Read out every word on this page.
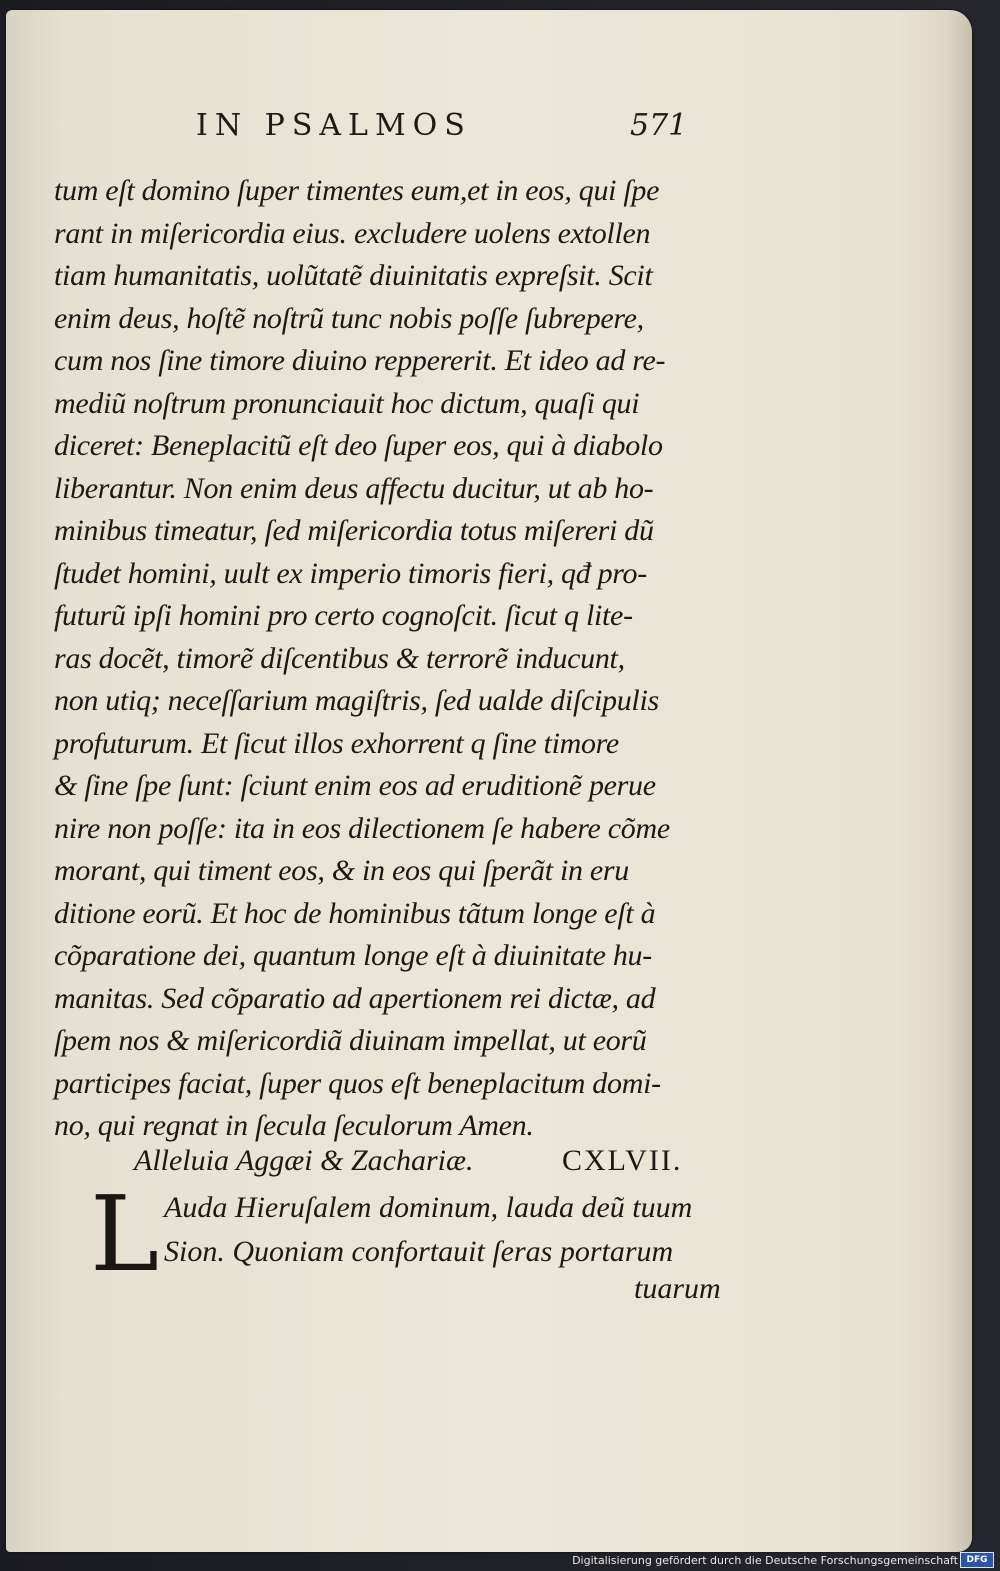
IN PSALMOS	571
tum eſt domino ſuper timentes eum,et in eos, qui ſpe
rant in miſericordia eius. excludere uolens extollen
tiam humanitatis, uolũtatẽ diuinitatis expreſsit. Scit
enim deus, hoſtẽ noſtrũ tunc nobis poſſe ſubrepere,
cum nos ſine timore diuino reppererit. Et ideo ad re-
mediũ noſtrum pronunciauit hoc dictum, quaſi qui
diceret: Beneplacitũ eſt deo ſuper eos, qui à diabolo
liberantur. Non enim deus affectu ducitur, ut ab ho-
minibus timeatur, ſed miſericordia totus miſereri dũ
ſtudet homini, uult ex imperio timoris fieri, qđ pro-
futurũ ipſi homini pro certo cognoſcit. ſicut q lite-
ras docẽt, timorẽ diſcentibus & terrorẽ inducunt,
non utiq; neceſſarium magiſtris, ſed ualde diſcipulis
profuturum. Et ſicut illos exhorrent q ſine timore
& ſine ſpe ſunt: ſciunt enim eos ad eruditionẽ perue
nire non poſſe: ita in eos dilectionem ſe habere cõme
morant, qui timent eos, & in eos qui ſperãt in eru
ditione eorũ. Et hoc de hominibus tãtum longe eſt à
cõparatione dei, quantum longe eſt à diuinitate hu-
manitas. Sed cõparatio ad apertionem rei dictæ, ad
ſpem nos & miſericordiã diuinam impellat, ut eorũ
participes faciat, ſuper quos eſt beneplacitum domi-
no, qui regnat in ſecula ſeculorum Amen.
Alleluia Aggæi & Zachariæ.	CXLVII.
L Auda Hieruſalem dominum, lauda deũ tuum
Sion. Quoniam confortauit ſeras portarum
tuarum
Digitalisierung gefördert durch die Deutsche Forschungsgemeinschaft DFG
